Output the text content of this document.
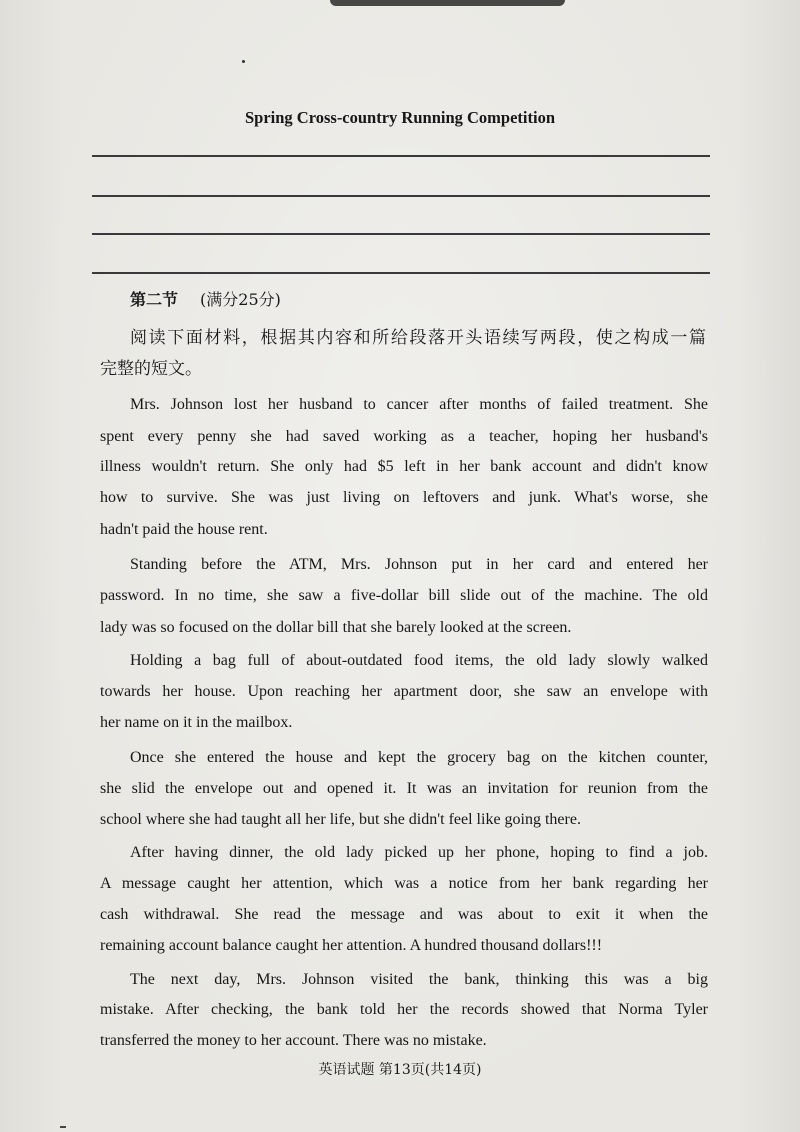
Spring Cross-country Running Competition
第二节 (满分25分)
阅读下面材料，根据其内容和所给段落开头语续写两段，使之构成一篇
完整的短文。
Mrs. Johnson lost her husband to cancer after months of failed treatment. She
spent every penny she had saved working as a teacher, hoping her husband's
illness wouldn't return. She only had $5 left in her bank account and didn't know
how to survive. She was just living on leftovers and junk. What's worse, she
hadn't paid the house rent.
Standing before the ATM, Mrs. Johnson put in her card and entered her
password. In no time, she saw a five-dollar bill slide out of the machine. The old
lady was so focused on the dollar bill that she barely looked at the screen.
Holding a bag full of about-outdated food items, the old lady slowly walked
towards her house. Upon reaching her apartment door, she saw an envelope with
her name on it in the mailbox.
Once she entered the house and kept the grocery bag on the kitchen counter,
she slid the envelope out and opened it. It was an invitation for reunion from the
school where she had taught all her life, but she didn't feel like going there.
After having dinner, the old lady picked up her phone, hoping to find a job.
A message caught her attention, which was a notice from her bank regarding her
cash withdrawal. She read the message and was about to exit it when the
remaining account balance caught her attention. A hundred thousand dollars!!!
The next day, Mrs. Johnson visited the bank, thinking this was a big
mistake. After checking, the bank told her the records showed that Norma Tyler
transferred the money to her account. There was no mistake.
英语试题 第13页(共14页)
